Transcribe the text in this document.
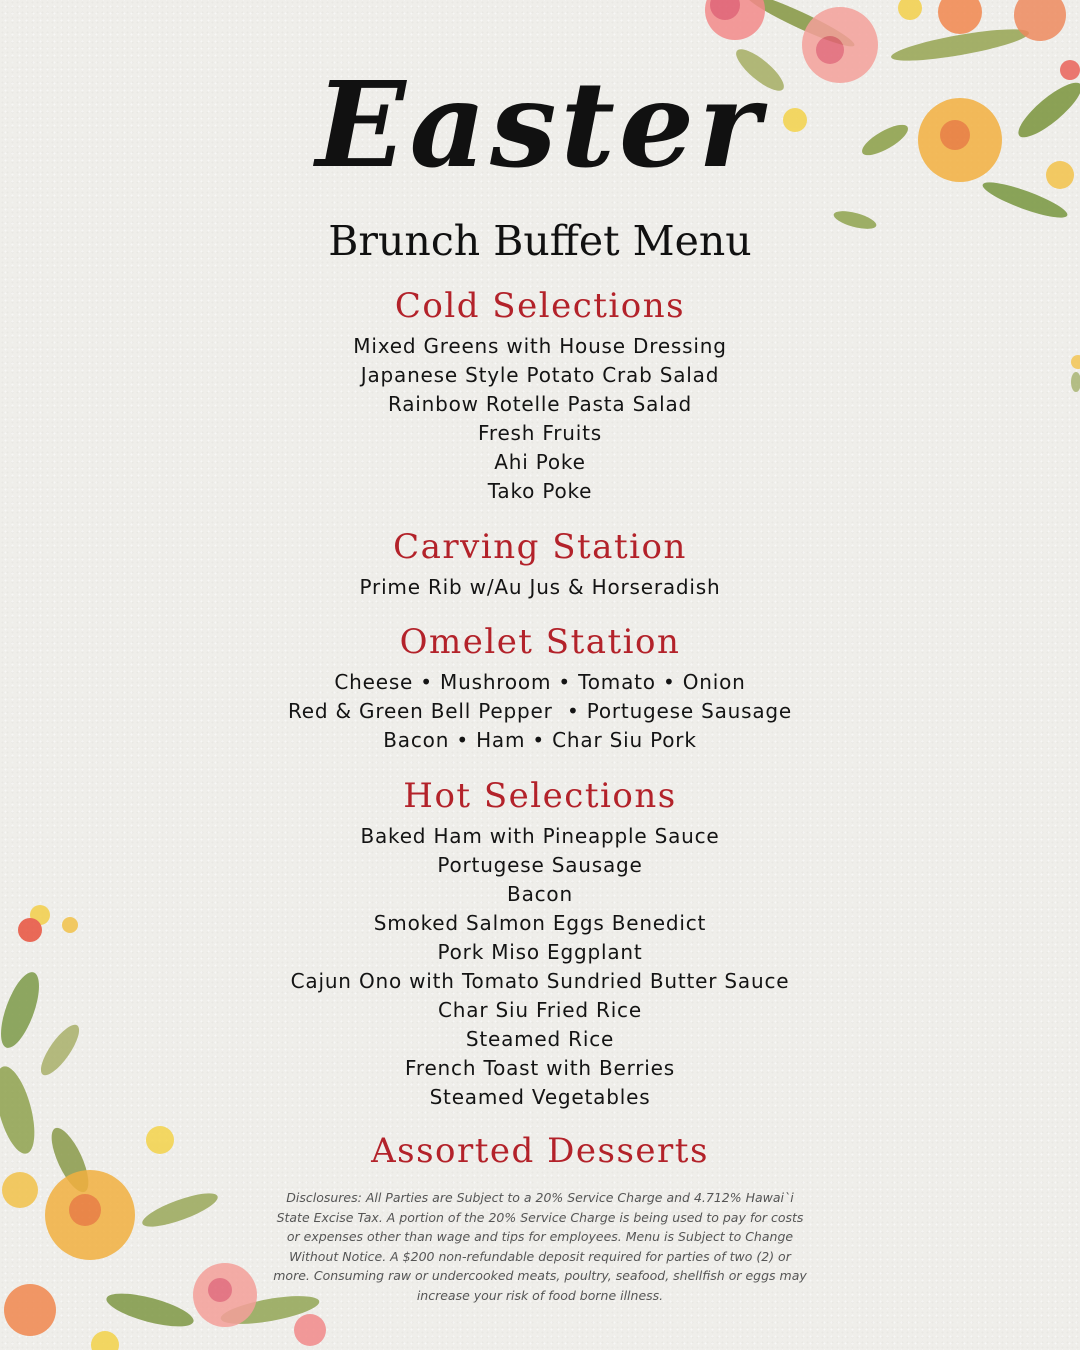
Easter
Brunch Buffet Menu
Cold Selections
Mixed Greens with House Dressing
Japanese Style Potato Crab Salad
Rainbow Rotelle Pasta Salad
Fresh Fruits
Ahi Poke
Tako Poke
Carving Station
Prime Rib w/Au Jus & Horseradish
Omelet Station
Cheese • Mushroom • Tomato • Onion
Red & Green Bell Pepper  • Portugese Sausage
Bacon • Ham • Char Siu Pork
Hot Selections
Baked Ham with Pineapple Sauce
Portugese Sausage
Bacon
Smoked Salmon Eggs Benedict
Pork Miso Eggplant
Cajun Ono with Tomato Sundried Butter Sauce
Char Siu Fried Rice
Steamed Rice
French Toast with Berries
Steamed Vegetables
Assorted Desserts

Disclosures: All Parties are Subject to a 20% Service Charge and 4.712% Hawai`i State Excise Tax. A portion of the 20% Service Charge is being used to pay for costs or expenses other than wage and tips for employees. Menu is Subject to Change Without Notice. A $200 non-refundable deposit required for parties of two (2) or more. Consuming raw or undercooked meats, poultry, seafood, shellfish or eggs may increase your risk of food borne illness.
